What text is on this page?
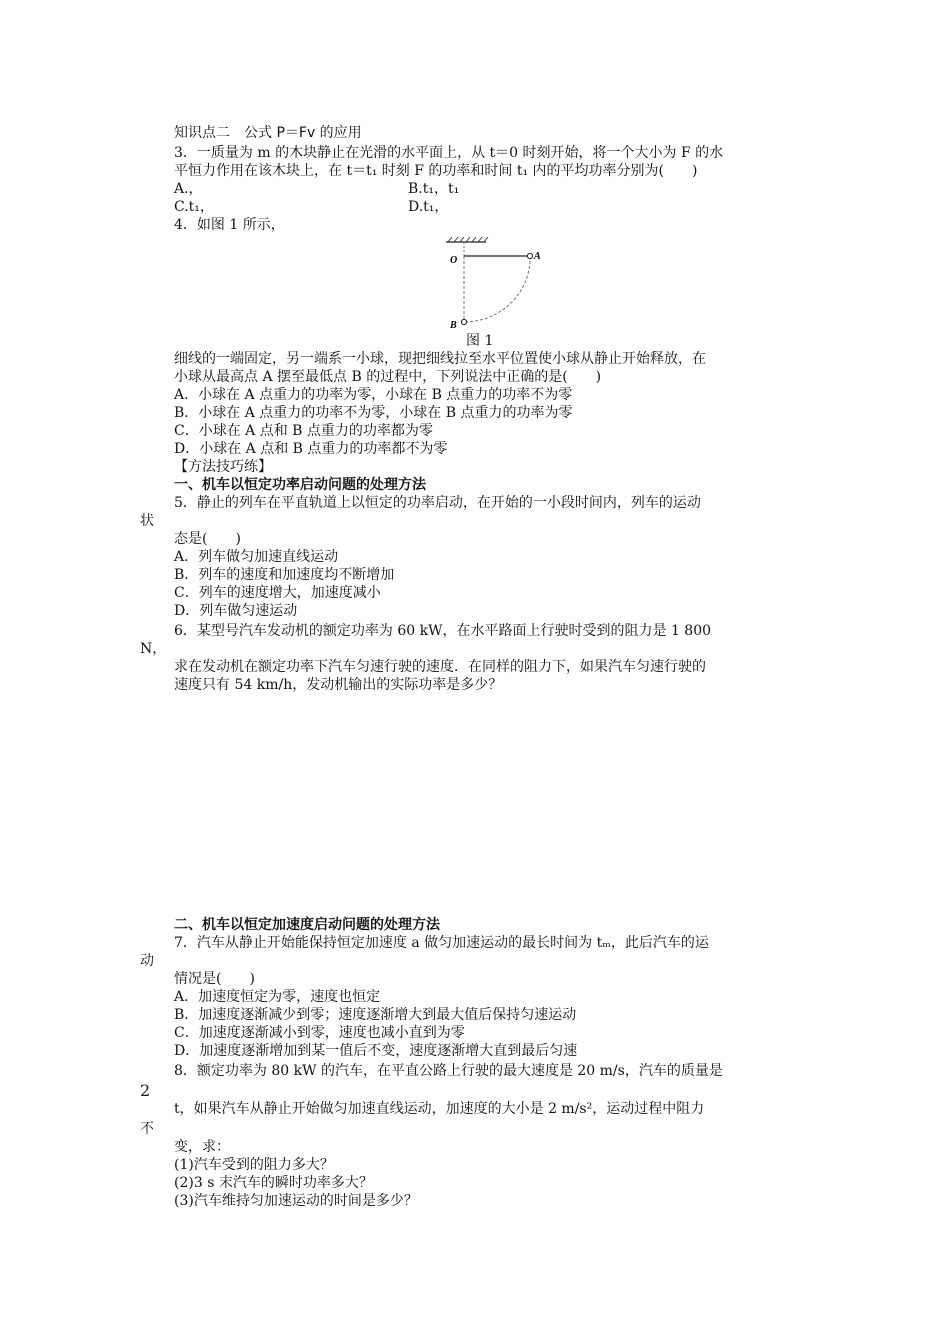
知识点二　公式 P＝Fv 的应用
3．一质量为 m 的木块静止在光滑的水平面上，从 t＝0 时刻开始，将一个大小为 F 的水
平恒力作用在该木块上，在 t＝t₁ 时刻 F 的功率和时间 t₁ 内的平均功率分别为(　　)
A.，	B.t₁，t₁
C.t₁，	D.t₁，
4．如图 1 所示，
O	A
B
图 1
细线的一端固定，另一端系一小球，现把细线拉至水平位置使小球从静止开始释放，在
小球从最高点 A 摆至最低点 B 的过程中，下列说法中正确的是(　　)
A．小球在 A 点重力的功率为零，小球在 B 点重力的功率不为零
B．小球在 A 点重力的功率不为零，小球在 B 点重力的功率为零
C．小球在 A 点和 B 点重力的功率都为零
D．小球在 A 点和 B 点重力的功率都不为零
【方法技巧练】
一、机车以恒定功率启动问题的处理方法
5．静止的列车在平直轨道上以恒定的功率启动，在开始的一小段时间内，列车的运动
状
态是(　　)
A．列车做匀加速直线运动
B．列车的速度和加速度均不断增加
C．列车的速度增大，加速度减小
D．列车做匀速运动
6．某型号汽车发动机的额定功率为 60 kW，在水平路面上行驶时受到的阻力是 1 800
N，
求在发动机在额定功率下汽车匀速行驶的速度．在同样的阻力下，如果汽车匀速行驶的
速度只有 54 km/h，发动机输出的实际功率是多少？
二、机车以恒定加速度启动问题的处理方法
7．汽车从静止开始能保持恒定加速度 a 做匀加速运动的最长时间为 tₘ，此后汽车的运
动
情况是(　　)
A．加速度恒定为零，速度也恒定
B．加速度逐渐减少到零；速度逐渐增大到最大值后保持匀速运动
C．加速度逐渐减小到零，速度也减小直到为零
D．加速度逐渐增加到某一值后不变，速度逐渐增大直到最后匀速
8．额定功率为 80 kW 的汽车，在平直公路上行驶的最大速度是 20 m/s，汽车的质量是
2
t，如果汽车从静止开始做匀加速直线运动，加速度的大小是 2 m/s²，运动过程中阻力
不
变，求：
(1)汽车受到的阻力多大？
(2)3 s 末汽车的瞬时功率多大？
(3)汽车维持匀加速运动的时间是多少？
